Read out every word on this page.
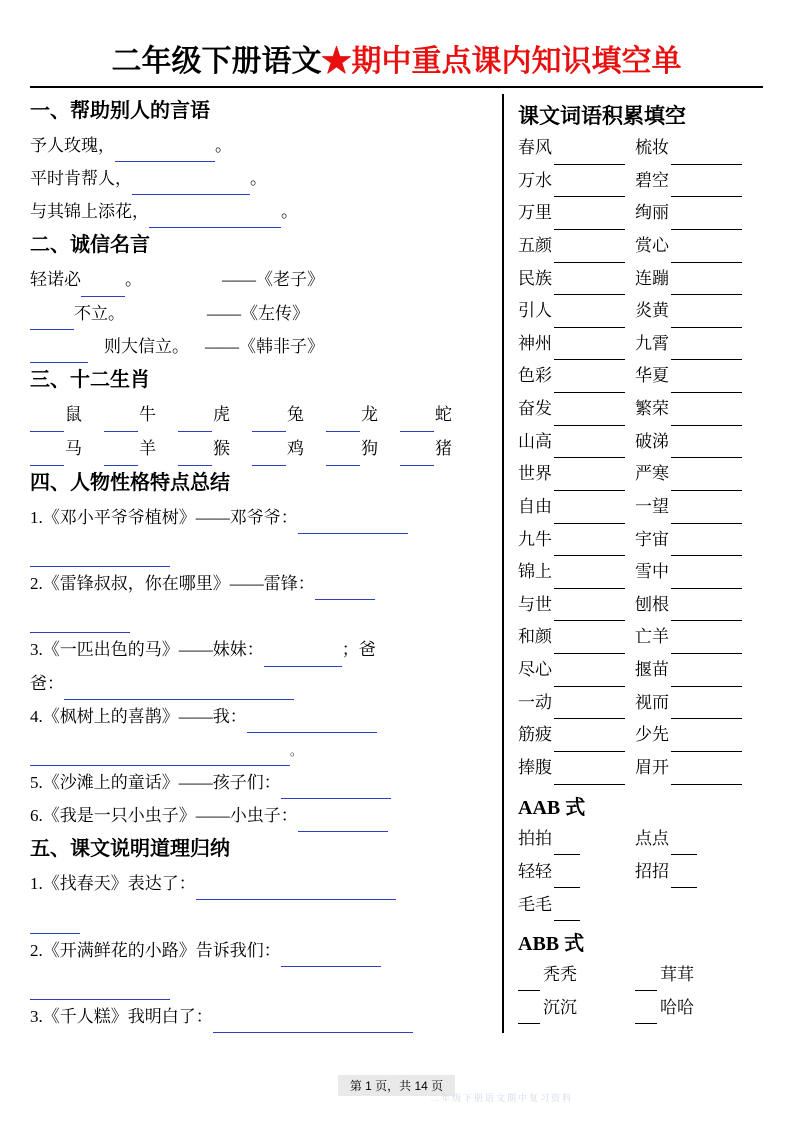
二年级下册语文★期中重点课内知识填空单
一、帮助别人的言语
予人玫瑰，	。
平时肯帮人，	。
与其锦上添花，	。
二、诚信名言
轻诺必	。	——《老子》
不立。	——《左传》
则大信立。 ——《韩非子》
三、十二生肖
鼠	牛	虎	兔	龙	蛇
马	羊	猴	鸡	狗	猪
四、人物性格特点总结
1.《邓小平爷爷植树》——邓爷爷：
2.《雷锋叔叔，你在哪里》——雷锋：
3.《一匹出色的马》——妹妹：	；爸
爸：
4.《枫树上的喜鹊》——我：
。
5.《沙滩上的童话》——孩子们：
6.《我是一只小虫子》——小虫子：
五、课文说明道理归纳
1.《找春天》表达了：
2.《开满鲜花的小路》告诉我们：
3.《千人糕》我明白了：
课文词语积累填空
春风	梳妆
万水	碧空
万里	绚丽
五颜	赏心
民族	连蹦
引人	炎黄
神州	九霄
色彩	华夏
奋发	繁荣
山高	破涕
世界	严寒
自由	一望
九牛	宇宙
锦上	雪中
与世	刨根
和颜	亡羊
尽心	揠苗
一动	视而
筋疲	少先
捧腹	眉开
AAB 式
拍拍	点点
轻轻	招招
毛毛
ABB 式
秃秃	茸茸
沉沉	哈哈
第 1 页，共 14 页
二年级下册语文期中复习资料
